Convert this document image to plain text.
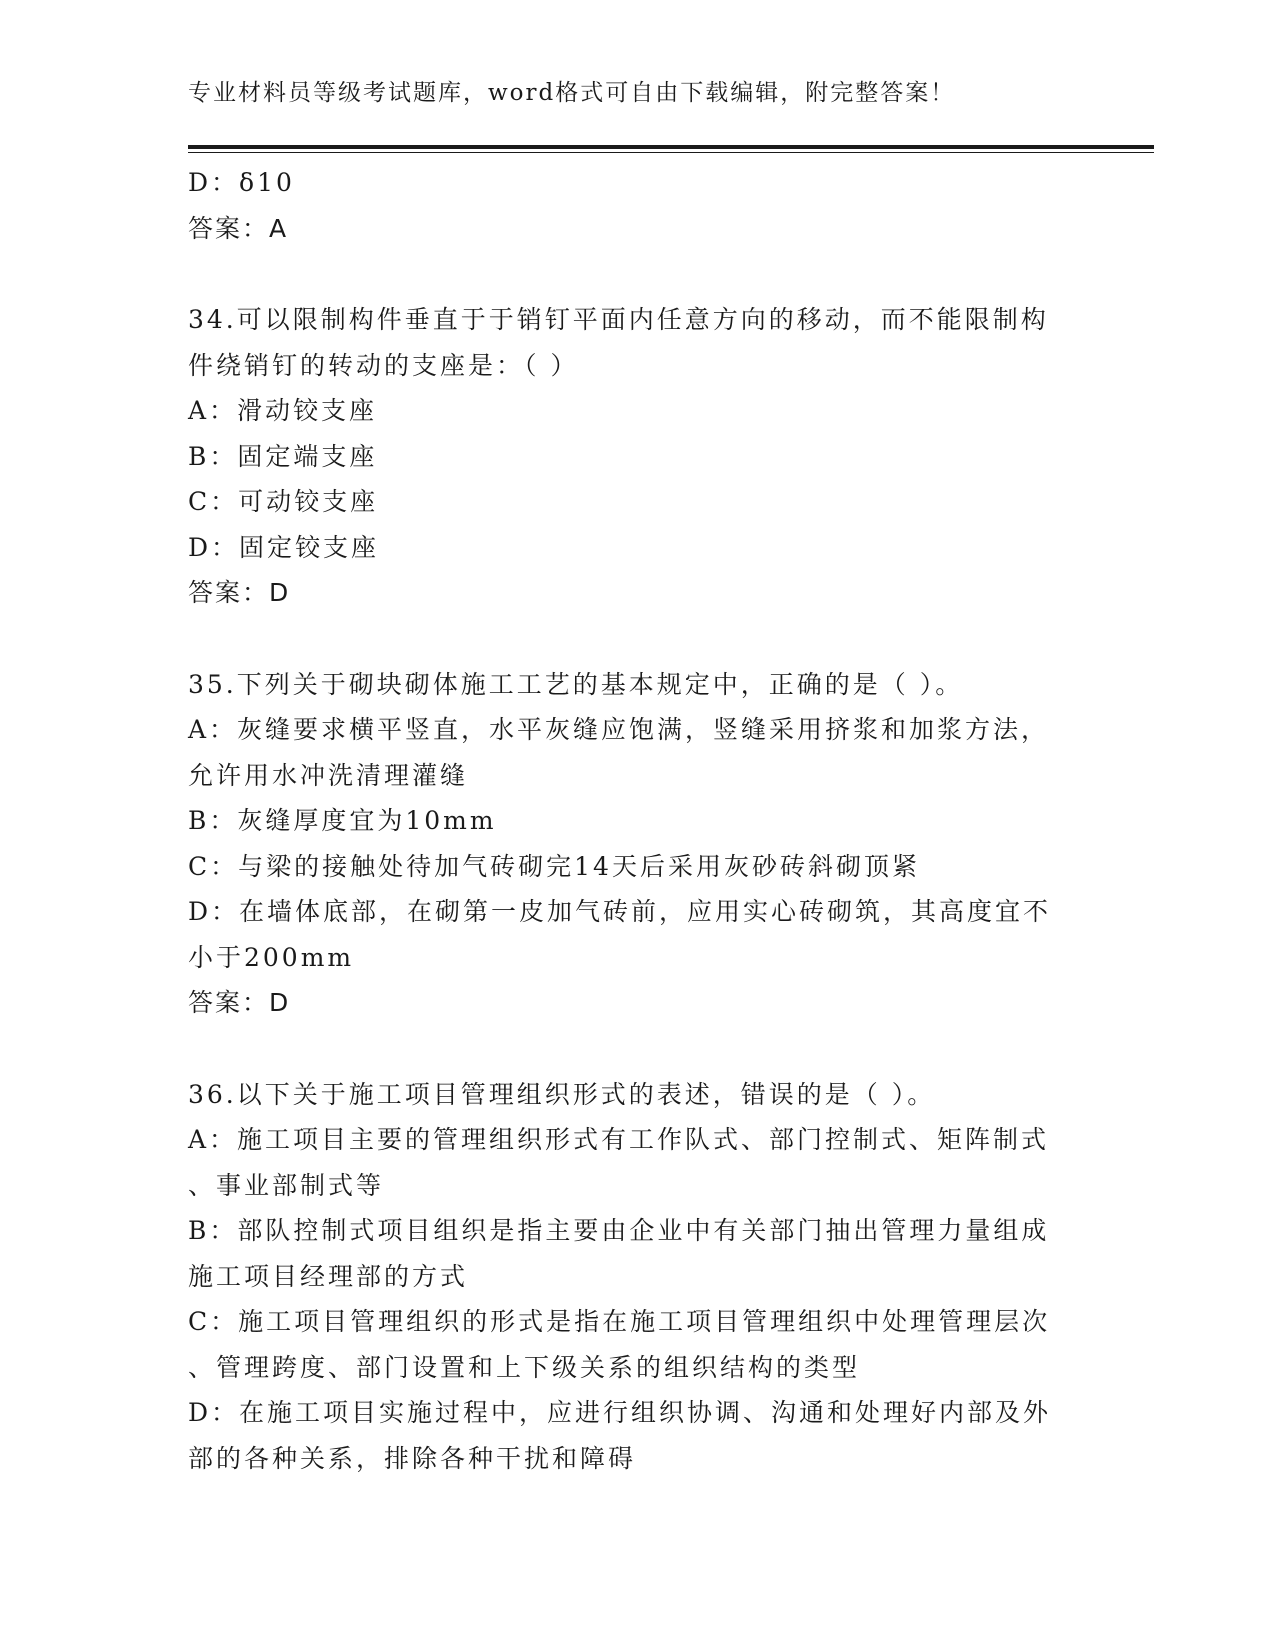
专业材料员等级考试题库，word格式可自由下载编辑，附完整答案！
D：δ10
答案：A
34.可以限制构件垂直于于销钉平面内任意方向的移动，而不能限制构
件绕销钉的转动的支座是：（ ）
A：滑动铰支座
B：固定端支座
C：可动铰支座
D：固定铰支座
答案：D
35.下列关于砌块砌体施工工艺的基本规定中，正确的是（ ）。
A：灰缝要求横平竖直，水平灰缝应饱满，竖缝采用挤浆和加浆方法，
允许用水冲洗清理灌缝
B：灰缝厚度宜为10mm
C：与梁的接触处待加气砖砌完14天后采用灰砂砖斜砌顶紧
D：在墙体底部，在砌第一皮加气砖前，应用实心砖砌筑，其高度宜不
小于200mm
答案：D
36.以下关于施工项目管理组织形式的表述，错误的是（ ）。
A：施工项目主要的管理组织形式有工作队式、部门控制式、矩阵制式
、事业部制式等
B：部队控制式项目组织是指主要由企业中有关部门抽出管理力量组成
施工项目经理部的方式
C：施工项目管理组织的形式是指在施工项目管理组织中处理管理层次
、管理跨度、部门设置和上下级关系的组织结构的类型
D：在施工项目实施过程中，应进行组织协调、沟通和处理好内部及外
部的各种关系，排除各种干扰和障碍
